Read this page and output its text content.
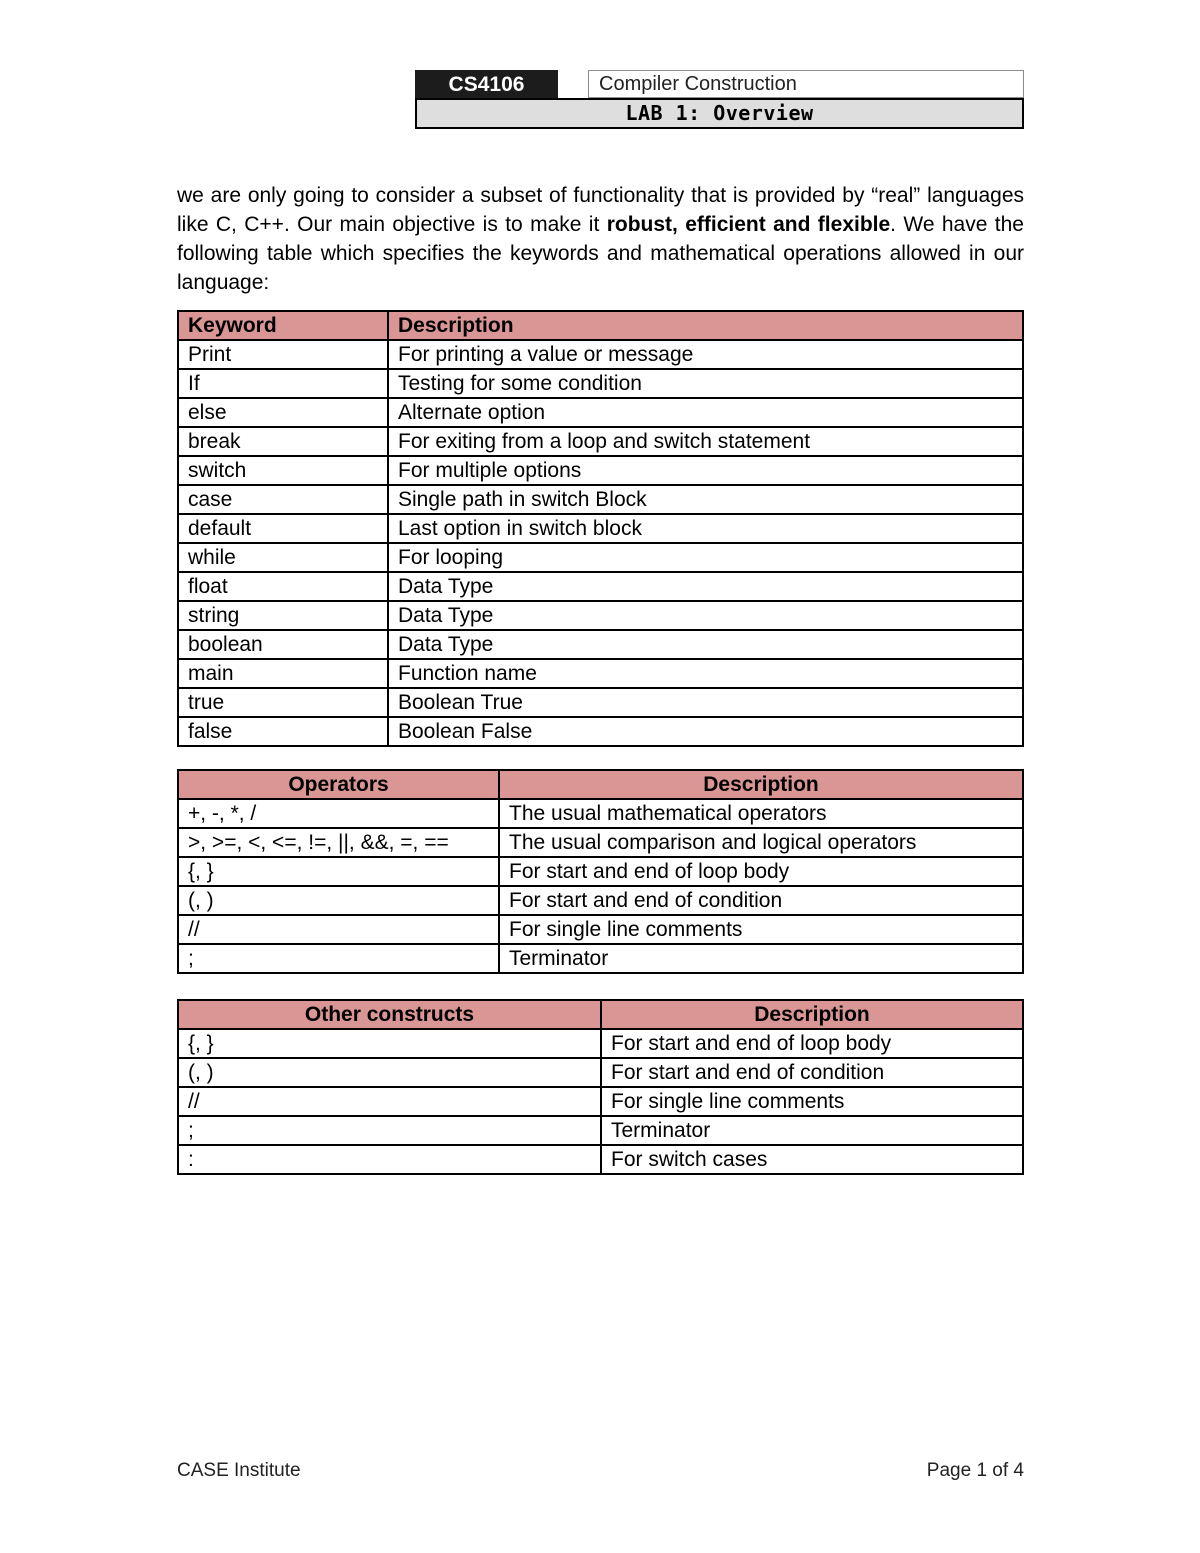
CS4106	Compiler Construction
LAB 1: Overview

we are only going to consider a subset of functionality that is provided by “real” languages like C, C++. Our main objective is to make it robust, efficient and flexible. We have the following table which specifies the keywords and mathematical operations allowed in our language:

Keyword	Description
Print	For printing a value or message
If	Testing for some condition
else	Alternate option
break	For exiting from a loop and switch statement
switch	For multiple options
case	Single path in switch Block
default	Last option in switch block
while	For looping
float	Data Type
string	Data Type
boolean	Data Type
main	Function name
true	Boolean True
false	Boolean False
Operators	Description
+, -, *, /	The usual mathematical operators
>, >=, <, <=, !=, ||, &&, =, ==	The usual comparison and logical operators
{, }	For start and end of loop body
(, )	For start and end of condition
//	For single line comments
;	Terminator
Other constructs	Description
{, }	For start and end of loop body
(, )	For start and end of condition
//	For single line comments
;	Terminator
:	For switch cases
CASE Institute	Page 1 of 4
